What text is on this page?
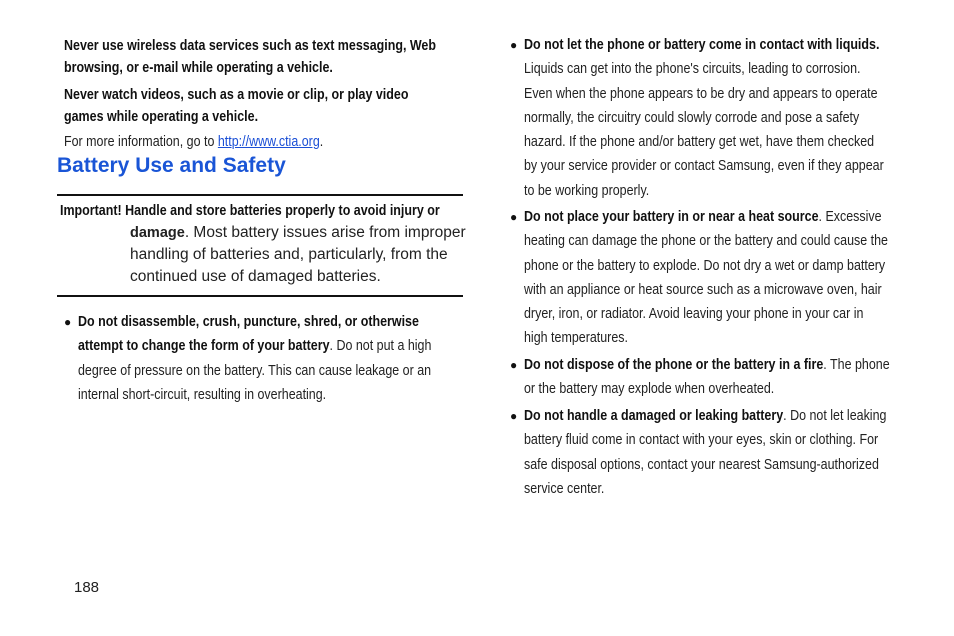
Never use wireless data services such as text messaging, Web
browsing, or e-mail while operating a vehicle.
Never watch videos, such as a movie or clip, or play video
games while operating a vehicle.
For more information, go to http://www.ctia.org.
Battery Use and Safety
Important! Handle and store batteries properly to avoid injury or
damage. Most battery issues arise from improper
handling of batteries and, particularly, from the
continued use of damaged batteries.
● Do not disassemble, crush, puncture, shred, or otherwise
attempt to change the form of your battery. Do not put a high
degree of pressure on the battery. This can cause leakage or an
internal short-circuit, resulting in overheating.
● Do not let the phone or battery come in contact with liquids.
Liquids can get into the phone's circuits, leading to corrosion.
Even when the phone appears to be dry and appears to operate
normally, the circuitry could slowly corrode and pose a safety
hazard. If the phone and/or battery get wet, have them checked
by your service provider or contact Samsung, even if they appear
to be working properly.
● Do not place your battery in or near a heat source. Excessive
heating can damage the phone or the battery and could cause the
phone or the battery to explode. Do not dry a wet or damp battery
with an appliance or heat source such as a microwave oven, hair
dryer, iron, or radiator. Avoid leaving your phone in your car in
high temperatures.
● Do not dispose of the phone or the battery in a fire. The phone
or the battery may explode when overheated.
● Do not handle a damaged or leaking battery. Do not let leaking
battery fluid come in contact with your eyes, skin or clothing. For
safe disposal options, contact your nearest Samsung-authorized
service center.
188
